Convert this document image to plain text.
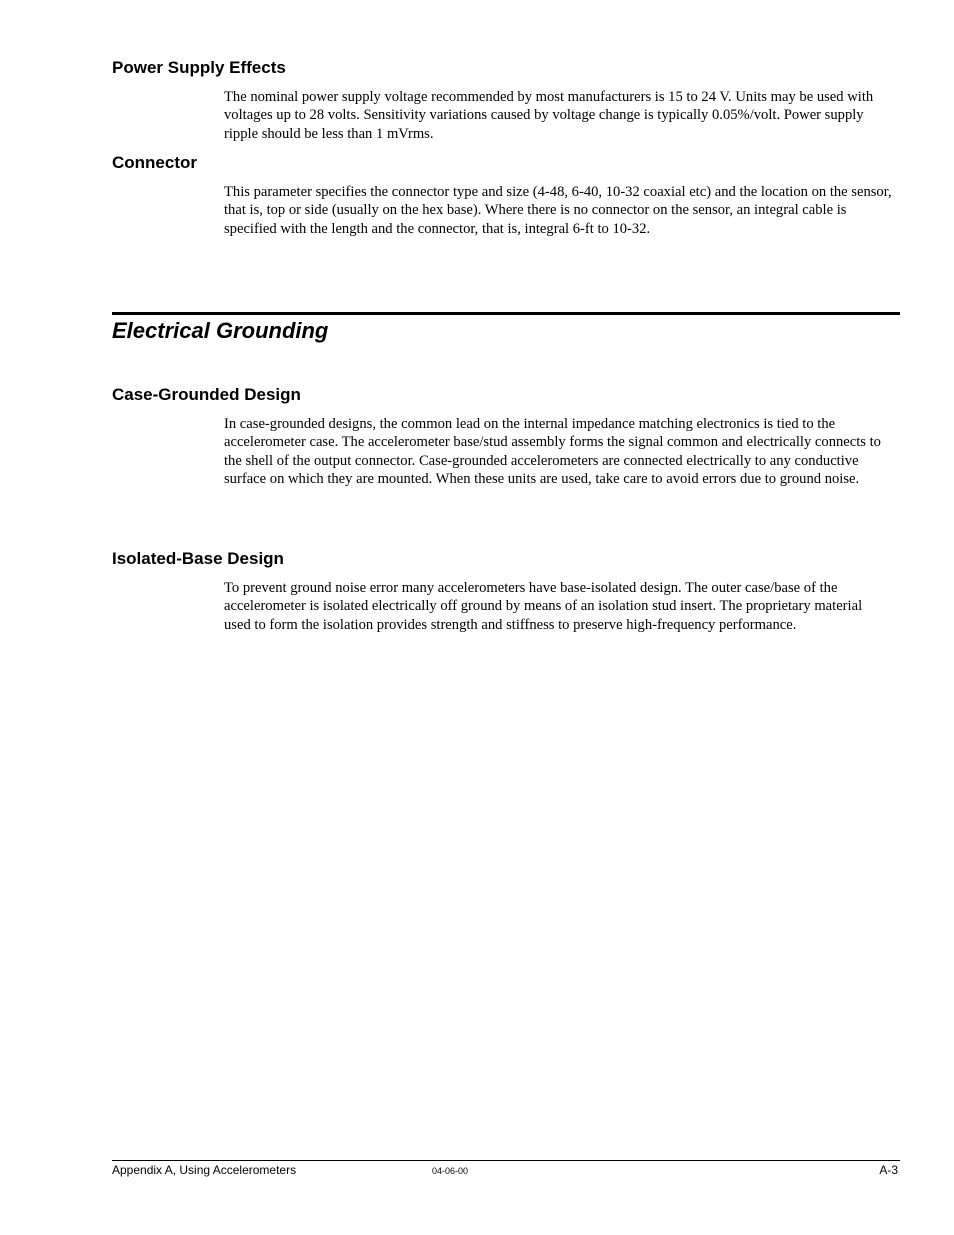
Power Supply Effects

The nominal power supply voltage recommended by most manufacturers is 15 to 24 V. Units may be used with voltages up to 28 volts. Sensitivity variations caused by voltage change is typically 0.05%/volt. Power supply ripple should be less than 1 mVrms.

Connector

This parameter specifies the connector type and size (4-48, 6-40, 10-32 coaxial etc) and the location on the sensor, that is, top or side (usually on the hex base). Where there is no connector on the sensor, an integral cable is specified with the length and the connector, that is, integral 6-ft to 10-32.

Electrical Grounding
Case-Grounded Design

In case-grounded designs, the common lead on the internal impedance matching electronics is tied to the accelerometer case. The accelerometer base/stud assembly forms the signal common and electrically connects to the shell of the output connector. Case-grounded accelerometers are connected electrically to any conductive surface on which they are mounted. When these units are used, take care to avoid errors due to ground noise.

Isolated-Base Design

To prevent ground noise error many accelerometers have base-isolated design. The outer case/base of the accelerometer is isolated electrically off ground by means of an isolation stud insert. The proprietary material used to form the isolation provides strength and stiffness to preserve high-frequency performance.

Appendix A, Using Accelerometers	04-06-00	A-3
